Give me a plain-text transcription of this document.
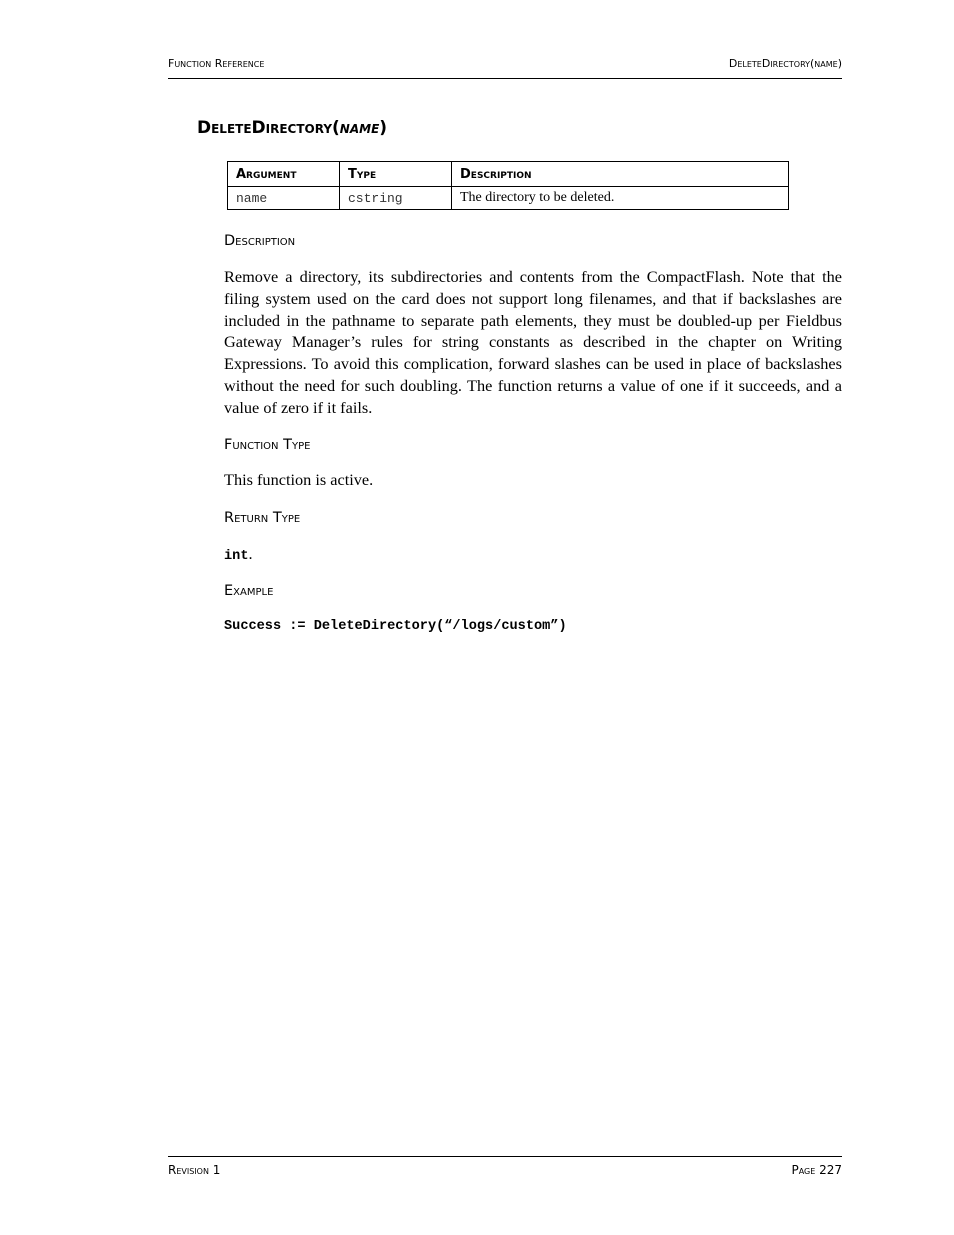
Function Reference	DeleteDirectory(name)
DeleteDirectory(name)
Argument	Type	Description
name	cstring	The directory to be deleted.
Description
Remove a directory, its subdirectories and contents from the CompactFlash. Note that the filing system used on the card does not support long filenames, and that if backslashes are included in the pathname to separate path elements, they must be doubled-up per Fieldbus Gateway Manager’s rules for string constants as described in the chapter on Writing Expressions. To avoid this complication, forward slashes can be used in place of backslashes without the need for such doubling. The function returns a value of one if it succeeds, and a value of zero if it fails.
Function Type
This function is active.
Return Type
int.
Example
Success := DeleteDirectory(“/logs/custom”)
Revision 1	Page 227
